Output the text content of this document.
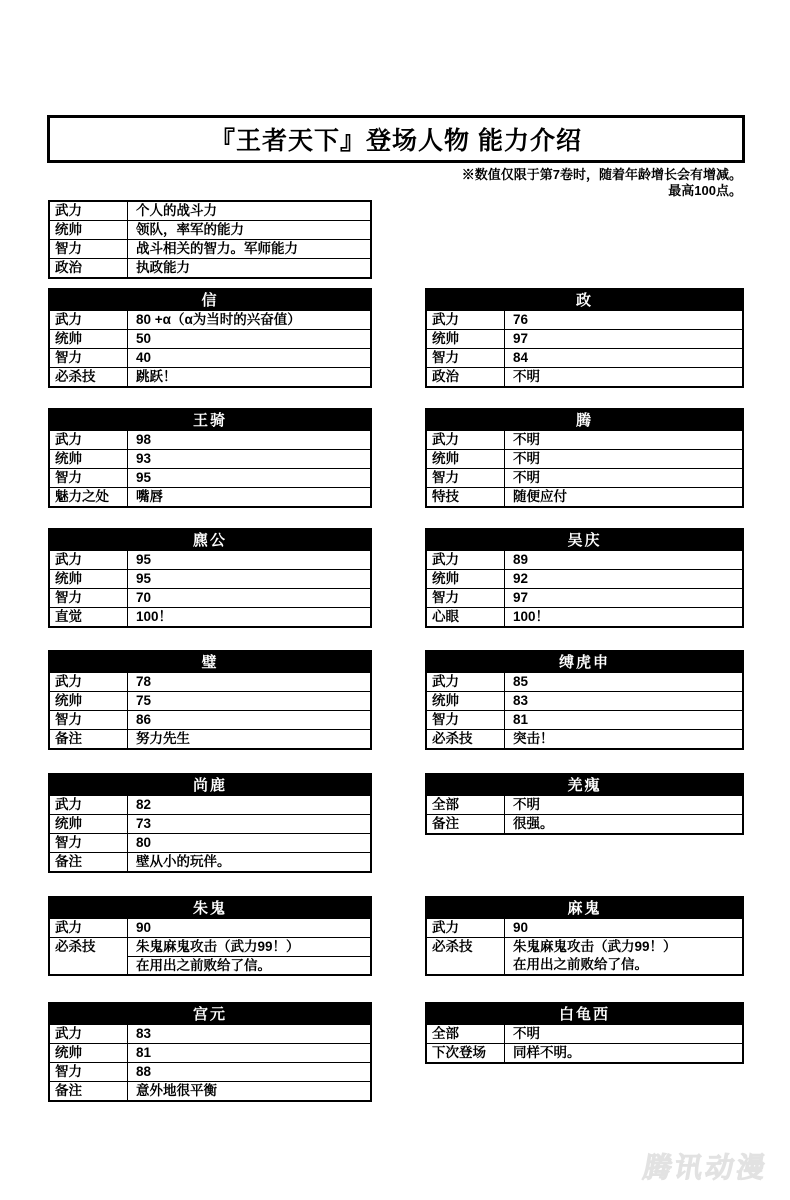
『王者天下』登场人物 能力介绍
※数值仅限于第7卷时，随着年龄增长会有增减。
最高100点。
武力	个人的战斗力
统帅	领队，率军的能力
智力	战斗相关的智力。军师能力
政治	执政能力
信
武力	80 +α（α为当时的兴奋值）
统帅	50
智力	40
必杀技	跳跃！
王骑
武力	98
统帅	93
智力	95
魅力之处	嘴唇
麃公
武力	95
统帅	95
智力	70
直觉	100！
璧
武力	78
统帅	75
智力	86
备注	努力先生
尚鹿
武力	82
统帅	73
智力	80
备注	壁从小的玩伴。
朱鬼
武力	90
必杀技	朱鬼麻鬼攻击（武力99！）
在用出之前败给了信。
宫元
武力	83
统帅	81
智力	88
备注	意外地很平衡
政
武力	76
统帅	97
智力	84
政治	不明
腾
武力	不明
统帅	不明
智力	不明
特技	随便应付
吴庆
武力	89
统帅	92
智力	97
心眼	100！
缚虎申
武力	85
统帅	83
智力	81
必杀技	突击！
羌瘣
全部	不明
备注	很强。
麻鬼
武力	90
必杀技	朱鬼麻鬼攻击（武力99！）
在用出之前败给了信。
白龟西
全部	不明
下次登场	同样不明。
腾讯动漫
